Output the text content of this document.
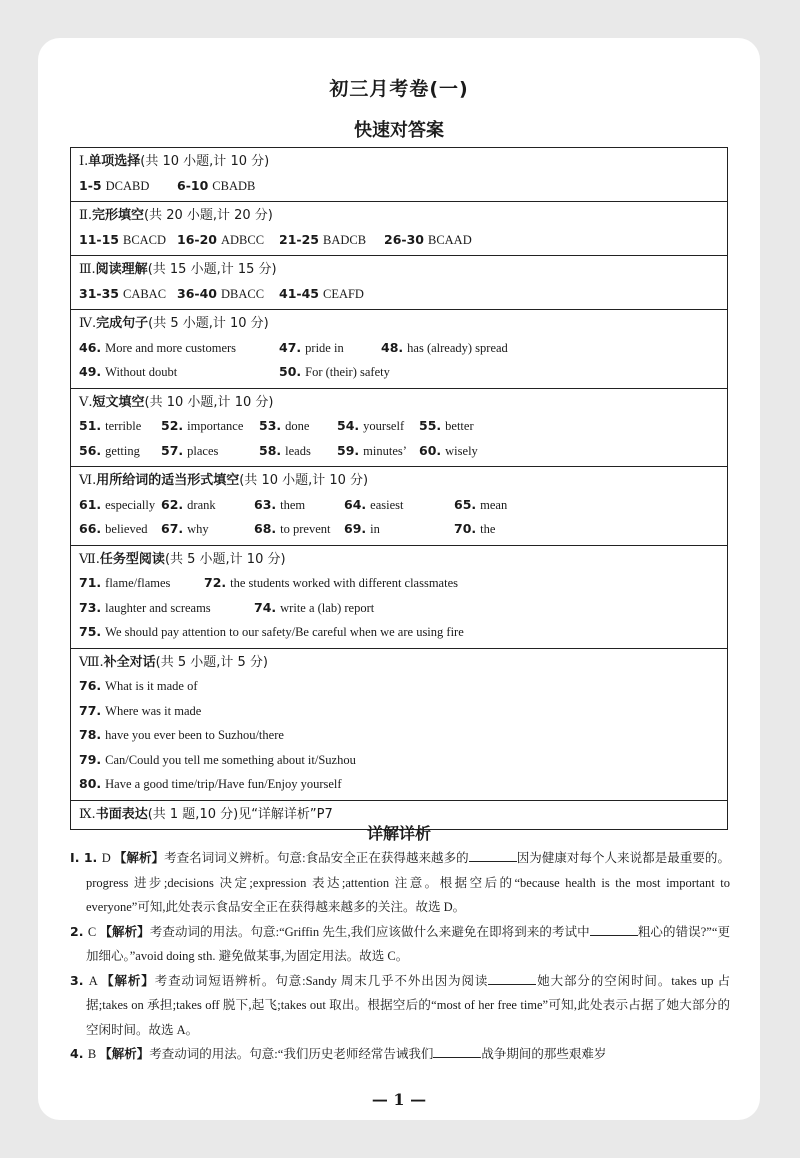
初三月考卷(一)
快速对答案
Ⅰ.单项选择(共 10 小题,计 10 分)
1-5 DCABD 6-10 CBADB
Ⅱ.完形填空(共 20 小题,计 20 分)
11-15 BCACD 16-20 ADBCC 21-25 BADCB 26-30 BCAAD
Ⅲ.阅读理解(共 15 小题,计 15 分)
31-35 CABAC 36-40 DBACC 41-45 CEAFD
Ⅳ.完成句子(共 5 小题,计 10 分)
46. More and more customers	47. pride in	48. has (already) spread
49. Without doubt	50. For (their) safety
Ⅴ.短文填空(共 10 小题,计 10 分)
51. terrible 52. importance 53. done 54. yourself 55. better
56. getting 57. places	58. leads 59. minutes’ 60. wisely
Ⅵ.用所给词的适当形式填空(共 10 小题,计 10 分)
61. especially 62. drank	63. them	64. easiest	65. mean
66. believed 67. why	68. to prevent 69. in	70. the
Ⅶ.任务型阅读(共 5 小题,计 10 分)
71. flame/flames	72. the students worked with different classmates
73. laughter and screams	74. write a (lab) report
75. We should pay attention to our safety/Be careful when we are using fire
Ⅷ.补全对话(共 5 小题,计 5 分)
76. What is it made of
77. Where was it made
78. have you ever been to Suzhou/there
79. Can/Could you tell me something about it/Suzhou
80. Have a good time/trip/Have fun/Enjoy yourself
Ⅸ.书面表达(共 1 题,10 分)见“详解详析”P7
详解详析

Ⅰ. 1. D 【解析】考查名词词义辨析。句意:食品安全正在获得越来越多的	因为健康对每个人来说都是最重要的。progress 进步;decisions 决定;expression 表达;attention 注意。根据空后的“because health is the most important to everyone”可知,此处表示食品安全正在获得越来越多的关注。故选 D。

2. C 【解析】考查动词的用法。句意:“Griffin 先生,我们应该做什么来避免在即将到来的考试中	粗心的错误?”“更加细心。”avoid doing sth. 避免做某事,为固定用法。故选 C。

3. A 【解析】考查动词短语辨析。句意:Sandy 周末几乎不外出因为阅读	她大部分的空闲时间。takes up 占据;takes on 承担;takes off 脱下,起飞;takes out 取出。根据空后的“most of her free time”可知,此处表示占据了她大部分的空闲时间。故选 A。

4. B 【解析】考查动词的用法。句意:“我们历史老师经常告诫我们	战争期间的那些艰难岁

— 1 —
